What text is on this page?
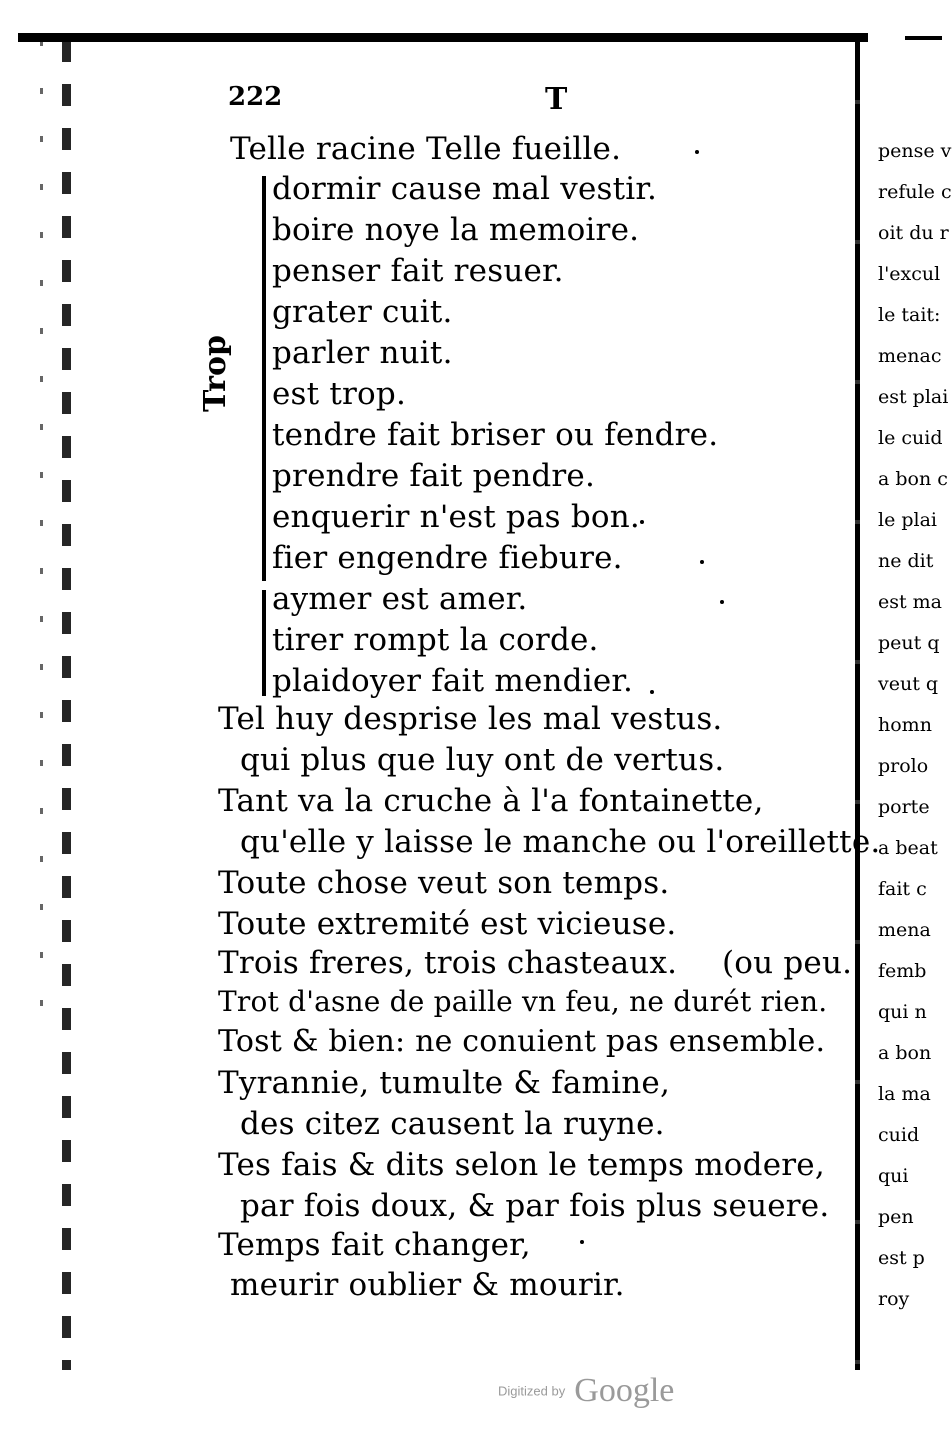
222	T
Trop
Telle racine Telle fueille.
dormir cause mal vestir.
boire noye la memoire.
penser fait resuer.
grater cuit.
parler nuit.
est trop.
tendre fait briser ou fendre.
prendre fait pendre.
enquerir n'est pas bon.
fier engendre fiebure.
aymer est amer.
tirer rompt la corde.
plaidoyer fait mendier.
Tel huy desprise les mal vestus.
qui plus que luy ont de vertus.
Tant va la cruche à l'a fontainette,
qu'elle y laisse le manche ou l'oreillette.
Toute chose veut son temps.
Toute extremité est vicieuse.
Trois freres, trois chasteaux. (ou peu.
Trot d'asne de paille vn feu, ne durét rien.
Tost & bien: ne conuient pas ensemble.
Tyrannie, tumulte & famine,
des citez causent la ruyne.
Tes fais & dits selon le temps modere,
par fois doux, & par fois plus seuere.
Temps fait changer,
meurir oublier & mourir.
pense v
refule c
oit du r
l'excul
le tait:
menac
est plai
le cuid
a bon c
le plai
ne dit
est ma
peut q
veut q
homn
prolo
porte
a beat
fait c
mena
femb
qui n
a bon
la ma
cuid
qui
pen
est p
roy
Digitized by Google
